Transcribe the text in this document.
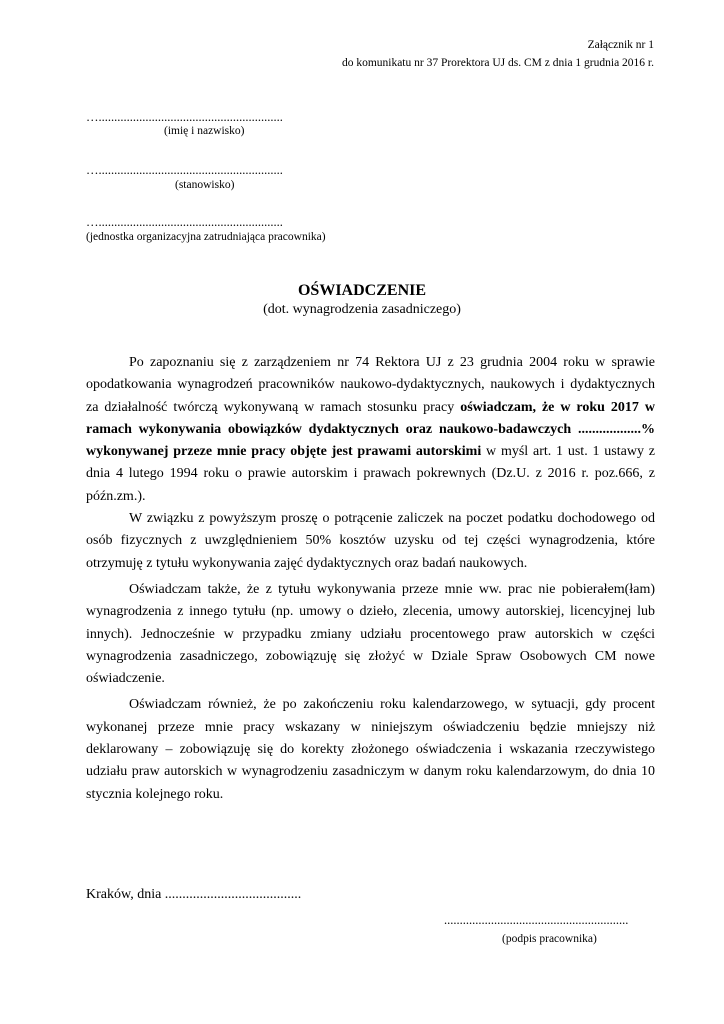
Załącznik nr 1
do komunikatu nr 37 Prorektora UJ ds. CM z dnia 1 grudnia 2016 r.
…...........................................................
(imię i nazwisko)
…...........................................................
(stanowisko)
…...........................................................
(jednostka organizacyjna zatrudniająca pracownika)
OŚWIADCZENIE
(dot. wynagrodzenia zasadniczego)

Po zapoznaniu się z zarządzeniem nr 74 Rektora UJ z 23 grudnia 2004 roku w sprawie opodatkowania wynagrodzeń pracowników naukowo-dydaktycznych, naukowych i dydaktycznych za działalność twórczą wykonywaną w ramach stosunku pracy oświadczam, że w roku 2017 w ramach wykonywania obowiązków dydaktycznych oraz naukowo-badawczych ..................% wykonywanej przeze mnie pracy objęte jest prawami autorskimi w myśl art. 1 ust. 1 ustawy z dnia 4 lutego 1994 roku o prawie autorskim i prawach pokrewnych (Dz.U. z 2016 r. poz.666, z późn.zm.).

W związku z powyższym proszę o potrącenie zaliczek na poczet podatku dochodowego od osób fizycznych z uwzględnieniem 50% kosztów uzysku od tej części wynagrodzenia, które otrzymuję z tytułu wykonywania zajęć dydaktycznych oraz badań naukowych.

Oświadczam także, że z tytułu wykonywania przeze mnie ww. prac nie pobierałem(łam) wynagrodzenia z innego tytułu (np. umowy o dzieło, zlecenia, umowy autorskiej, licencyjnej lub innych). Jednocześnie w przypadku zmiany udziału procentowego praw autorskich w części wynagrodzenia zasadniczego, zobowiązuję się złożyć w Dziale Spraw Osobowych CM nowe oświadczenie.

Oświadczam również, że po zakończeniu roku kalendarzowego, w sytuacji, gdy procent wykonanej przeze mnie pracy wskazany w niniejszym oświadczeniu będzie mniejszy niż deklarowany – zobowiązuję się do korekty złożonego oświadczenia i wskazania rzeczywistego udziału praw autorskich w wynagrodzeniu zasadniczym w danym roku kalendarzowym, do dnia 10 stycznia kolejnego roku.

Kraków, dnia .......................................
...........................................................
(podpis pracownika)
